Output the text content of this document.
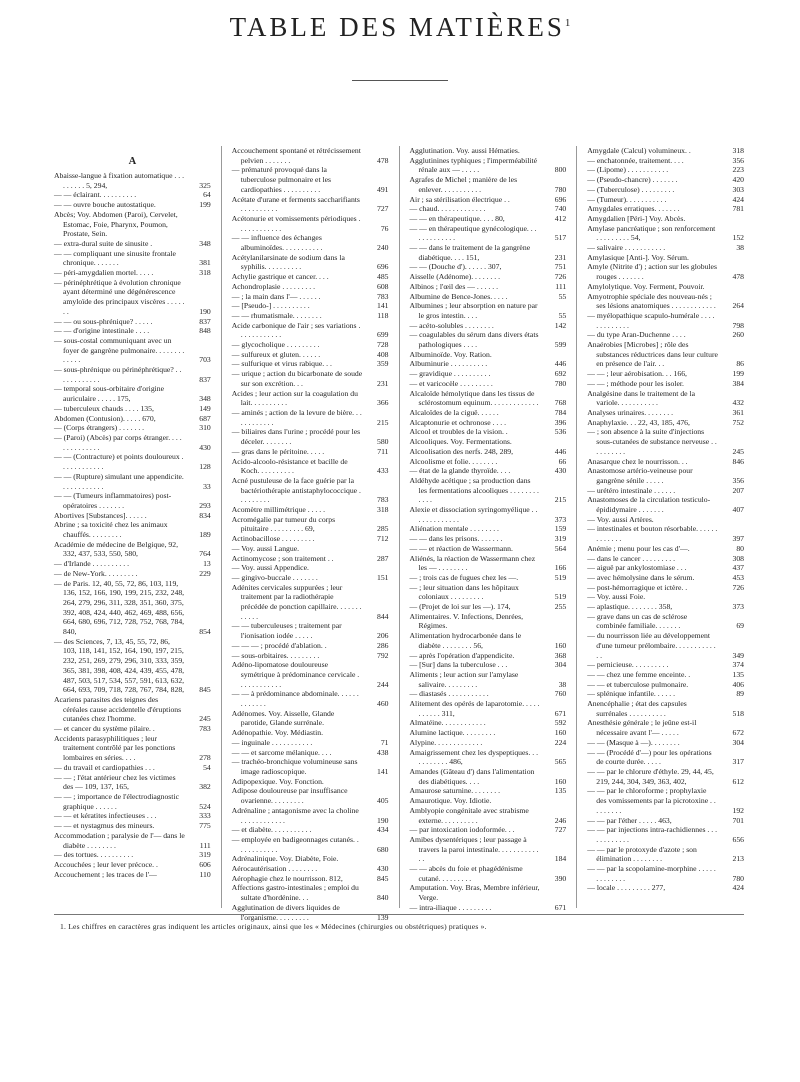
TABLE DES MATIÈRES$^1$
A
Abaisse-langue à fixation automatique . . . . . . . . . 5, 294,	325
— — éclairant. . . . . . . . . .	64
— — ouvre bouche autostatique.	199
Abcès; Voy. Abdomen (Paroi), Cervelet, Estomac, Foie, Pharynx, Poumon, Prostate, Sein.
— extra-dural suite de sinusite .	348
— — compliquant une sinusite frontale chronique. . . . . . .	381
— péri-amygdalien mortel. . . . .	318
— périnéphrétique à évolution chronique ayant déterminé une dégénérescence amyloïde des principaux viscères . . . . . . .	190
— — ou sous-phrénique? . . . . .	837
— — d'origine intestinale . . . .	848
— sous-costal communiquant avec un foyer de gangrène pulmonaire. . . . . . . . . . . . .	703
— sous-phrénique ou périnéphrétique? . . . . . . . . . . . .	837
— temporal sous-orbitaire d'origine auriculaire . . . . . 175,	348
— tuberculeux chauds . . . . 135,	149
Abdomen (Contusion). . . . . 670,	687
— (Corps étrangers) . . . . . . .	310
— (Paroi) (Abcès) par corps étranger. . . . . . . . . . . . . .	430
— — (Contracture) et points douloureux . . . . . . . . . . . .	128
— — (Rupture) simulant une appendicite. . . . . . . . . . . .	33
— — (Tumeurs inflammatoires) post-opératoires . . . . . . .	293
Abortives [Substances]. . . . . .	834
Abrine ; sa toxicité chez les animaux chauffés. . . . . . . . .	189
Académie de médecine de Belgique, 92, 332, 437, 533, 550, 580,	764
— d'Irlande . . . . . . . . . .	13
— de New-York. . . . . . . . .	229
— de Paris. 12, 40, 55, 72, 86, 103, 119, 136, 152, 166, 190, 199, 215, 232, 248, 264, 279, 296, 311, 328, 351, 360, 375, 392, 408, 424, 440, 462, 469, 488, 656, 664, 680, 696, 712, 728, 752, 768, 784, 840,	854
— des Sciences, 7, 13, 45, 55, 72, 86, 103, 118, 141, 152, 164, 190, 197, 215, 232, 251, 269, 279, 296, 310, 333, 359, 365, 381, 398, 408, 424, 439, 455, 478, 487, 503, 517, 534, 557, 591, 613, 632, 664, 693, 709, 718, 728, 767, 784, 828,	845
Acariens parasites des teignes des céréales cause accidentelle d'éruptions cutanées chez l'homme.	245
— et cancer du système pilaire. .	783
Accidents parasyphilitiques ; leur traitement contrôlé par les ponctions lombaires en séries. . . .	278
— du travail et cardiopathies . . .	54
— — ; l'état antérieur chez les victimes des — 109, 137, 165,	382
— — ; importance de l'électrodiagnostic graphique . . . . . .	524
— — et kératites infectieuses . . .	333
— — et nystagmus des mineurs.	775
Accommodation ; paralysie de l'— dans le diabète . . . . . . . .	111
— des tortues. . . . . . . . . .	319
Accouchées ; leur lever précoce. .	606
Accouchement ; les traces de l'—	110
Accouchement spontané et rétrécissement pelvien . . . . . . .	478
— prématuré provoqué dans la tuberculose pulmonaire et les cardiopathies . . . . . . . . . .	491
Acétate d'urane et ferments saccharifiants . . . . . . . . . .	727
Acétonurie et vomissements périodiques . . . . . . . . . . . .	76
— — influence des échanges albuminoïdes. . . . . . . . . . .	240
Acétylanilarsinate de sodium dans la syphilis. . . . . . . . . .	696
Achylie gastrique et cancer. . . .	485
Achondroplasie . . . . . . . . .	608
— ; la main dans l'— . . . . . .	783
— [Pseudo-] . . . . . . . . . .	141
— — rhumatismale. . . . . . . .	118
Acide carbonique de l'air ; ses variations . . . . . . . . . . . .	699
— glycocholique . . . . . . . . .	728
— sulfureux et gluten. . . . . .	408
— sulfurique et virus rabique. . .	359
— urique ; action du bicarbonate de soude sur son excrétion. . .	231
Acides ; leur action sur la coagulation du lait. . . . . . . . . .	366
— aminés ; action de la levure de bière. . . . . . . . . . . .	215
— biliaires dans l'urine ; procédé pour les déceler. . . . . . . .	580
— gras dans le péritoine. . . . .	711
Acido-alcoolo-résistance et bacille de Koch. . . . . . . . . .	433
Acné pustuleuse de la face guérie par la bactériothérapie antistaphylococcique . . . . . . . . .	783
Acomètre millimétrique . . . . .	318
Acromégalie par tumeur du corps pituitaire . . . . . . . . . 69,	285
Actinobacillose . . . . . . . . .	712
— Voy. aussi Langue.
Actinomycose ; son traitement . .	287
— Voy. aussi Appendice.
— gingivo-buccale . . . . . . .	151
Adénites cervicales suppurées ; leur traitement par la radiothérapie précédée de ponction capillaire. . . . . . . . . . . .	844
— — tuberculeuses ; traitement par l'ionisation iodée . . . . .	206
— — — ; procédé d'ablation. .	286
— sous-orbitaires. . . . . . . . .	792
Adéno-lipomatose douloureuse symétrique à prédominance cervicale . . . . . . . . . . . .	244
— — à prédominance abdominale. . . . . . . . . . . . .	460
Adénomes. Voy. Aisselle, Glande parotide, Glande surrénale.
Adénopathie. Voy. Médiastin.
— inguinale . . . . . . . . . . .	71
— — et sarcome mélanique. . . .	438
— trachéo-bronchique volumineuse sans image radioscopique.	141
Adipopexique. Voy. Fonction.
Adipose douloureuse par insuffisance ovarienne. . . . . . . . .	405
Adrénaline ; antagonisme avec la choline . . . . . . . . . . . .	190
— et diabète. . . . . . . . . . .	434
— employée en badigeonnages cutanés. . . . . . . . . . . .	680
Adrénalinique. Voy. Diabète, Foie.
Aérocautérisation . . . . . . . .	430
Aérophagie chez le nourrisson. 812,	845
Affections gastro-intestinales ; emploi du sultate d'hordénine. . .	840
Agglutination de divers liquides de l'organisme. . . . . . . . .	139
Agglutination. Voy. aussi Hématies.
Agglutinines typhiques ; l'imperméabilité rénale aux — . . . . .	800
Agrafes de Michel ; manière de les enlever. . . . . . . . . . .	780
Air ; sa stérilisation électrique . .	696
— chaud. . . . . . . . . . . . .	740
— — en thérapeutique. . . . 80,	412
— — en thérapeutique gynécologique. . . . . . . . . . . . .	517
— — dans le traitement de la gangrène diabétique. . . . 151,	231
— — (Douche d'). . . . . . 307,	751
Aisselle (Adénome). . . . . . . .	726
Albinos ; l'œil des — . . . . . .	111
Albumine de Bence-Jones. . . . .	55
Albumines ; leur absorption en nature par le gros intestin. . . .	55
— acéto-solubles . . . . . . . .	142
— coagulables du sérum dans divers états pathologiques . . . .	599
Albuminoïde. Voy. Ration.
Albuminurie . . . . . . . . . .	446
— gravidique . . . . . . . . . .	692
— et varicocèle . . . . . . . . .	780
Alcaloïde hémolytique dans les tissus de sclérostomum equinum. . . . . . . . . . . . .	768
Alcaloïdes de la ciguë. . . . . .	784
Alcaptonurie et ochronose . . . .	396
Alcool et troubles de la vision. .	536
Alcooliques. Voy. Fermentations.
Alcoolisation des nerfs. 248, 289,	446
Alcoolisme et folie. . . . . . . .	66
— état de la glande thyroïde. . . .	430
Aldéhyde acétique ; sa production dans les fermentations alcooliques . . . . . . . . . . . .	215
Alexie et dissociation syringomyélique . . . . . . . . . . . . .	373
Aliénation mentale . . . . . . . .	159
— — dans les prisons. . . . . . .	319
— — et réaction de Wassermann.	564
Aliénés, la réaction de Wassermann chez les — . . . . . . . .	166
— ; trois cas de fugues chez les —.	519
— ; leur situation dans les hôpitaux coloniaux . . . . . . . . .	519
— (Projet de loi sur les —). 174,	255
Alimentaires. V. Infections, Denrées, Régimes.
Alimentation hydrocarbonée dans le diabète . . . . . . . . 56,	160
— après l'opération d'appendicite.	368
— [Sur] dans la tuberculose . . .	304
Aliments ; leur action sur l'amylase salivaire. . . . . . . . .	38
— diastasés . . . . . . . . . . .	760
Alitement des opérés de laparotomie. . . . . . . . . . . 311,	671
Almatéine. . . . . . . . . . . .	592
Alumine lactique. . . . . . . . .	160
Alypine. . . . . . . . . . . . .	224
Amaigrissement chez les dyspeptiques. . . . . . . . . . . 486,	565
Amandes (Gâteau d') dans l'alimentation des diabétiques. . . .	160
Amaurose saturnine. . . . . . . .	135
Amaurotique. Voy. Idiotie.
Amblyopie congénitale avec strabisme externe. . . . . . . . . .	246
— par intoxication iodoformée. . .	727
Amibes dysentériques ; leur passage à travers la paroi intestinale. . . . . . . . . . . . .	184
— — abcès du foie et phagédénisme cutané. . . . . . . . .	390
Amputation. Voy. Bras, Membre inférieur, Verge.
— intra-iliaque . . . . . . . . .	671
Amygdale (Calcul) volumineux. .	318
— enchatonnée, traitement. . . .	356
— (Lipome) . . . . . . . . . . .	223
— (Pseudo-chancre) . . . . . . .	420
— (Tuberculose) . . . . . . . . .	303
— (Tumeur). . . . . . . . . . .	424
Amygdales erratiques. . . . . . .	781
Amygdalien [Péri-] Voy. Abcès.
Amylase pancréatique ; son renforcement . . . . . . . . . 54,	152
— salivaire . . . . . . . . . . .	38
Amylasique [Anti-]. Voy. Sérum.
Amyle (Nitrite d') ; action sur les globules rouges . . . . . . .	478
Amylolytique. Voy. Ferment, Pouvoir.
Amyotrophie spéciale des nouveau-nés ; ses lésions anatomiques . . . . . . . . . . . .	264
— myélopathique scapulo-humérale . . . . . . . . . . . . .	798
— du type Aran-Duchenne . . . .	260
Anaérobies [Microbes] ; rôle des substances réductrices dans leur culture en présence de l'air. . .	86
— — ; leur aérobisation. . . 166,	199
— — ; méthode pour les isoler.	384
Analgésine dans le traitement de la variole. . . . . . . . . . .	432
Analyses urinaires. . . . . . . .	361
Anaphylaxie. . . 22, 43, 185, 476,	752
— ; son absence à la suite d'injections sous-cutanées de substance nerveuse . . . . . . . . . .	245
Anasarque chez le nourrisson. . .	846
Anastomose artério-veineuse pour gangrène sénile . . . . .	356
— urétéro intestinale . . . . . .	207
Anastomoses de la circulation testiculo-épididymaire . . . . . . .	407
— Voy. aussi Artères.
— intestinales et bouton résorbable. . . . . . . . . . . . .	397
Anémie ; menu pour les cas d'—.	80
— dans le cancer . . . . . . . . .	308
— aiguë par ankylostomiase . . .	437
— avec hémolysine dans le sérum.	453
— post-hémorragique et ictère. .	726
— Voy. aussi Foie.
— aplastique. . . . . . . . 358,	373
— grave dans un cas de sclérose combinée familiale. . . . . . .	69
— du nourrisson liée au développement d'une tumeur prélombaire. . . . . . . . . . . . .	349
— pernicieuse. . . . . . . . . .	374
— — chez une femme enceinte. .	135
— — et tuberculose pulmonaire.	406
— splénique infantile. . . . . .	89
Anencéphalie ; état des capsules surrénales . . . . . . . . . .	518
Anesthésie générale ; le jeûne est-il nécessaire avant l'— . . . . .	672
— — (Masque à —). . . . . . . .	304
— — (Procédé d'—) pour les opérations de courte durée. . . . .	317
— — par le chlorure d'éthyle. 29, 44, 45, 219, 244, 304, 349, 363, 402,	612
— — par le chloroforme ; prophylaxie des vomissements par la picrotoxine . . . . . . . . .	192
— — par l'éther . . . . . 463,	701
— — par injections intra-rachidiennes . . . . . . . . . . . .	656
— — par le protoxyde d'azote ; son élimination . . . . . . . .	213
— — par la scopolamine-morphine . . . . . . . . . . . . .	780
— locale . . . . . . . . . 277,	424
1. Les chiffres en caractères gras indiquent les articles originaux, ainsi que les « Médecines (chirurgies ou obstétriques) pratiques ».
